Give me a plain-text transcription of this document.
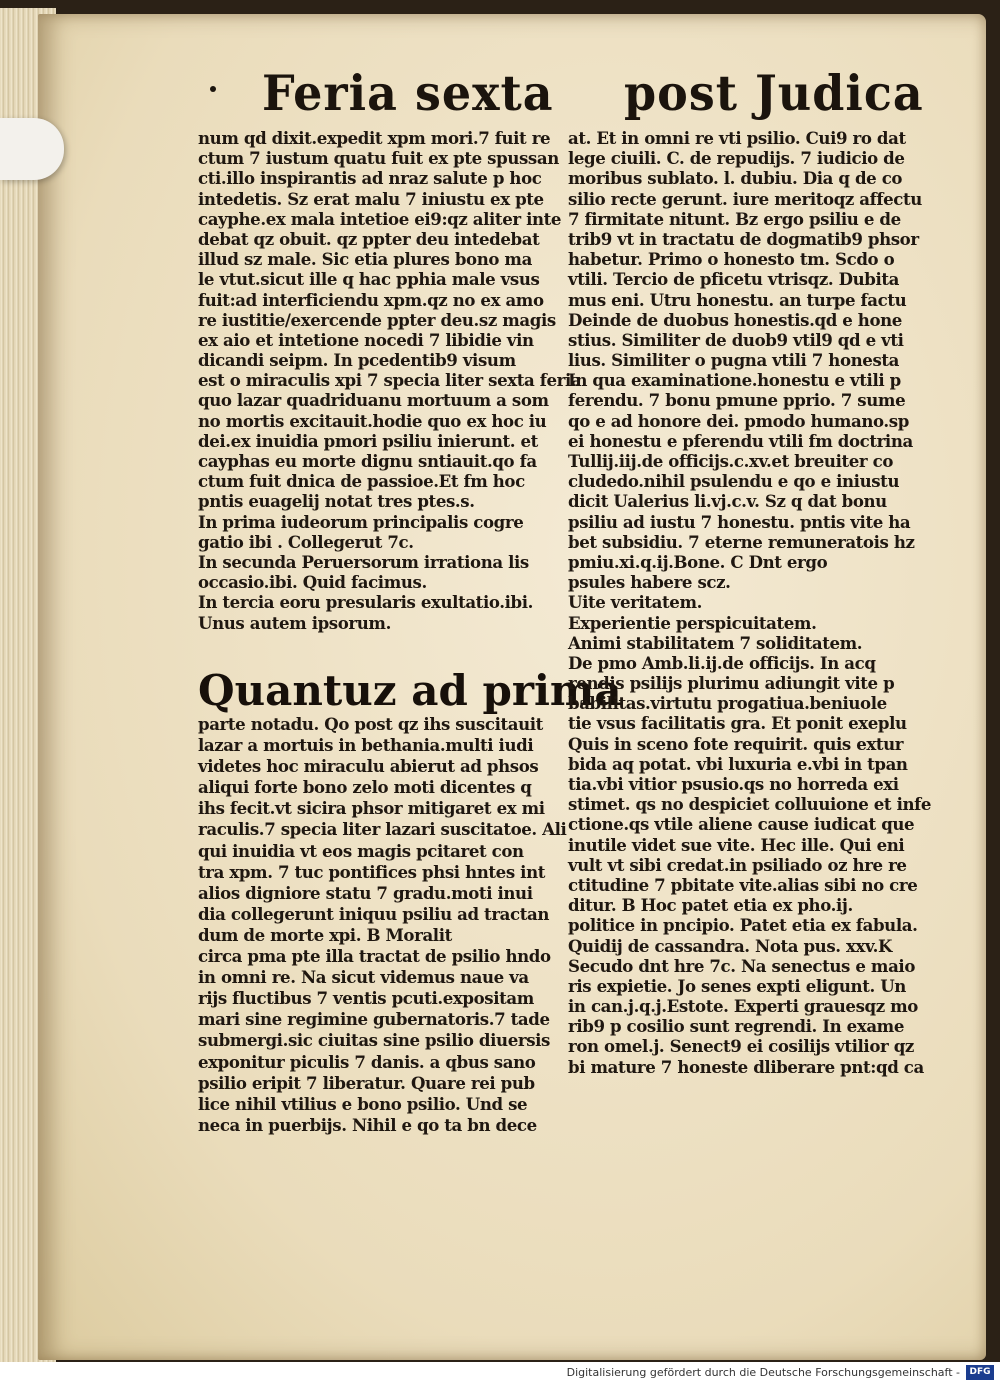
Feria sexta post Judica
num qd dixit.expedit xpm mori.7 fuit re
ctum 7 iustum quatu fuit ex pte spussan
cti.illo inspirantis ad nraz salute p hoc
intedetis. Sz erat malu 7 iniustu ex pte
cayphe.ex mala intetioe ei9:qz aliter inte
debat qz obuit. qz ppter deu intedebat
illud sz male. Sic etia plures bono ma
le vtut.sicut ille q hac pphia male vsus
fuit:ad interficiendu xpm.qz no ex amo
re iustitie/exercende ppter deu.sz magis
ex aio et intetione nocedi 7 libidie vin
dicandi seipm. In pcedentib9 visum
est o miraculis xpi 7 specia liter sexta feria
quo lazar quadriduanu mortuum a som
no mortis excitauit.hodie quo ex hoc iu
dei.ex inuidia pmori psiliu inierunt. et
cayphas eu morte dignu sntiauit.qo fa
ctum fuit dnica de passioe.Et fm hoc
pntis euagelij notat tres ptes.s.
In prima iudeorum principalis cogre
gatio ibi . Collegerut 7c.
In secunda Peruersorum irrationa lis
occasio.ibi. Quid facimus.
In tercia eoru presularis exultatio.ibi.
Unus autem ipsorum.
Quantuz ad prima
parte notadu. Qo post qz ihs suscitauit
lazar a mortuis in bethania.multi iudi
videtes hoc miraculu abierut ad phsos
aliqui forte bono zelo moti dicentes q
ihs fecit.vt sicira phsor mitigaret ex mi
raculis.7 specia liter lazari suscitatoe. Ali
qui inuidia vt eos magis pcitaret con
tra xpm. 7 tuc pontifices phsi hntes int
alios digniore statu 7 gradu.moti inui
dia collegerunt iniquu psiliu ad tractan
dum de morte xpi. B Moralit
circa pma pte illa tractat de psilio hndo
in omni re. Na sicut videmus naue va
rijs fluctibus 7 ventis pcuti.expositam
mari sine regimine gubernatoris.7 tade
submergi.sic ciuitas sine psilio diuersis
exponitur piculis 7 danis. a qbus sano
psilio eripit 7 liberatur. Quare rei pub
lice nihil vtilius e bono psilio. Und se
neca in puerbijs. Nihil e qo ta bn dece
at. Et in omni re vti psilio. Cui9 ro dat
lege ciuili. C. de repudijs. 7 iudicio de
moribus sublato. l. dubiu. Dia q de co
silio recte gerunt. iure meritoqz affectu
7 firmitate nitunt. Bz ergo psiliu e de
trib9 vt in tractatu de dogmatib9 phsor
habetur. Primo o honesto tm. Scdo o
vtili. Tercio de pficetu vtrisqz. Dubita
mus eni. Utru honestu. an turpe factu
Deinde de duobus honestis.qd e hone
stius. Similiter de duob9 vtil9 qd e vti
lius. Similiter o pugna vtili 7 honesta
In qua examinatione.honestu e vtili p
ferendu. 7 bonu pmune pprio. 7 sume
qo e ad honore dei. pmodo humano.sp
ei honestu e pferendu vtili fm doctrina
Tullij.iij.de officijs.c.xv.et breuiter co
cludedo.nihil psulendu e qo e iniustu
dicit Ualerius li.vj.c.v. Sz q dat bonu
psiliu ad iustu 7 honestu. pntis vite ha
bet subsidiu. 7 eterne remuneratois hz
pmiu.xi.q.ij.Bone. C Dnt ergo
psules habere scz.
Uite veritatem.
Experientie perspicuitatem.
Animi stabilitatem 7 soliditatem.
De pmo Amb.li.ij.de officijs. In acq
rendis psilijs plurimu adiungit vite p
babilitas.virtutu progatiua.beniuole
tie vsus facilitatis gra. Et ponit exeplu
Quis in sceno fote requirit. quis extur
bida aq potat. vbi luxuria e.vbi in tpan
tia.vbi vitior psusio.qs no horreda exi
stimet. qs no despiciet colluuione et infe
ctione.qs vtile aliene cause iudicat que
inutile videt sue vite. Hec ille. Qui eni
vult vt sibi credat.in psiliado oz hre re
ctitudine 7 pbitate vite.alias sibi no cre
ditur. B Hoc patet etia ex pho.ij.
politice in pncipio. Patet etia ex fabula.
Quidij de cassandra. Nota pus. xxv.K
Secudo dnt hre 7c. Na senectus e maio
ris expietie. Jo senes expti eligunt. Un
in can.j.q.j.Estote. Experti grauesqz mo
rib9 p cosilio sunt regrendi. In exame
ron omel.j. Senect9 ei cosilijs vtilior qz
bi mature 7 honeste dliberare pnt:qd ca
Digitalisierung gefördert durch die Deutsche Forschungsgemeinschaft -	DFG
